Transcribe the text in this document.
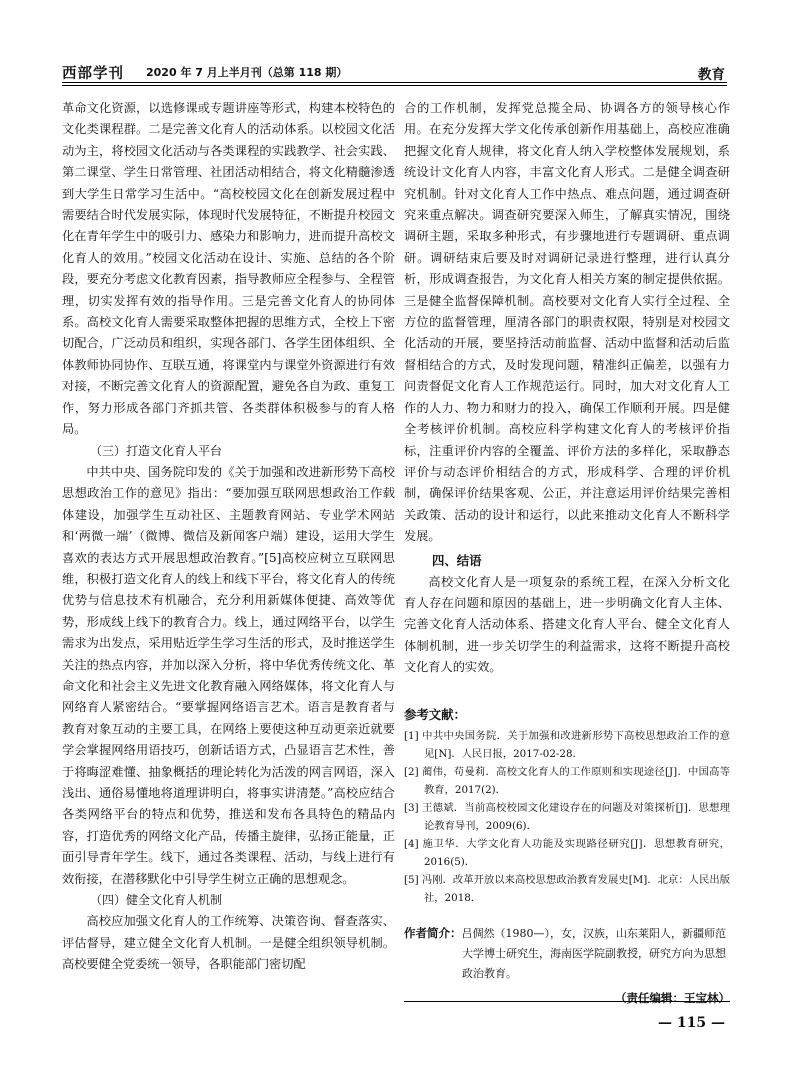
西部学刊 2020 年 7 月上半月刊（总第 118 期）	教育

革命文化资源，以选修课或专题讲座等形式，构建本校特色的文化类课程群。二是完善文化育人的活动体系。以校园文化活动为主，将校园文化活动与各类课程的实践教学、社会实践、第二课堂、学生日常管理、社团活动相结合，将文化精髓渗透到大学生日常学习生活中。“高校校园文化在创新发展过程中需要结合时代发展实际，体现时代发展特征，不断提升校园文化在青年学生中的吸引力、感染力和影响力，进而提升高校文化育人的效用。”校园文化活动在设计、实施、总结的各个阶段，要充分考虑文化教育因素，指导教师应全程参与、全程管理，切实发挥有效的指导作用。三是完善文化育人的协同体系。高校文化育人需要采取整体把握的思维方式，全校上下密切配合，广泛动员和组织，实现各部门、各学生团体组织、全体教师协同协作、互联互通，将课堂内与课堂外资源进行有效对接，不断完善文化育人的资源配置，避免各自为政、重复工作，努力形成各部门齐抓共管、各类群体积极参与的育人格局。

（三）打造文化育人平台

中共中央、国务院印发的《关于加强和改进新形势下高校思想政治工作的意见》指出：“要加强互联网思想政治工作载体建设，加强学生互动社区、主题教育网站、专业学术网站和‘两微一端’（微博、微信及新闻客户端）建设，运用大学生喜欢的表达方式开展思想政治教育。”[5]高校应树立互联网思维，积极打造文化育人的线上和线下平台，将文化育人的传统优势与信息技术有机融合，充分利用新媒体便捷、高效等优势，形成线上线下的教育合力。线上，通过网络平台，以学生需求为出发点，采用贴近学生学习生活的形式，及时推送学生关注的热点内容，并加以深入分析，将中华优秀传统文化、革命文化和社会主义先进文化教育融入网络媒体，将文化育人与网络育人紧密结合。“要掌握网络语言艺术。语言是教育者与教育对象互动的主要工具，在网络上要使这种互动更亲近就要学会掌握网络用语技巧，创新话语方式，凸显语言艺术性，善于将晦涩难懂、抽象概括的理论转化为活泼的网言网语，深入浅出、通俗易懂地将道理讲明白，将事实讲清楚。”高校应结合各类网络平台的特点和优势，推送和发布各具特色的精品内容，打造优秀的网络文化产品，传播主旋律，弘扬正能量，正面引导青年学生。线下，通过各类课程、活动，与线上进行有效衔接，在潜移默化中引导学生树立正确的思想观念。

（四）健全文化育人机制

高校应加强文化育人的工作统筹、决策咨询、督查落实、评估督导，建立健全文化育人机制。一是健全组织领导机制。高校要健全党委统一领导，各职能部门密切配

合的工作机制，发挥党总揽全局、协调各方的领导核心作用。在充分发挥大学文化传承创新作用基础上，高校应准确把握文化育人规律，将文化育人纳入学校整体发展规划，系统设计文化育人内容，丰富文化育人形式。二是健全调查研究机制。针对文化育人工作中热点、难点问题，通过调查研究来重点解决。调查研究要深入师生，了解真实情况，围绕调研主题，采取多种形式，有步骤地进行专题调研、重点调研。调研结束后要及时对调研记录进行整理，进行认真分析，形成调查报告，为文化育人相关方案的制定提供依据。三是健全监督保障机制。高校要对文化育人实行全过程、全方位的监督管理，厘清各部门的职责权限，特别是对校园文化活动的开展，要坚持活动前监督、活动中监督和活动后监督相结合的方式，及时发现问题，精准纠正偏差，以强有力问责督促文化育人工作规范运行。同时，加大对文化育人工作的人力、物力和财力的投入，确保工作顺利开展。四是健全考核评价机制。高校应科学构建文化育人的考核评价指标，注重评价内容的全覆盖、评价方法的多样化，采取静态评价与动态评价相结合的方式，形成科学、合理的评价机制，确保评价结果客观、公正，并注意运用评价结果完善相关政策、活动的设计和运行，以此来推动文化育人不断科学发展。

四、结语

高校文化育人是一项复杂的系统工程，在深入分析文化育人存在问题和原因的基础上，进一步明确文化育人主体、完善文化育人活动体系、搭建文化育人平台、健全文化育人体制机制，进一步关切学生的利益需求，这将不断提升高校文化育人的实效。

参考文献：

[1] 中共中央国务院．关于加强和改进新形势下高校思想政治工作的意见[N]．人民日报，2017-02-28．

[2] 蔺伟，苟曼莉．高校文化育人的工作原则和实现途径[J]．中国高等教育，2017(2)．

[3] 王德斌．当前高校校园文化建设存在的问题及对策探析[J]．思想理论教育导刊，2009(6)．

[4] 施卫华．大学文化育人功能及实现路径研究[J]．思想教育研究，2016(5)．

[5] 冯刚．改革开放以来高校思想政治教育发展史[M]．北京：人民出版社，2018．

作者简介：吕倜然（1980—），女，汉族，山东莱阳人，新疆师范大学博士研究生，海南医学院副教授，研究方向为思想政治教育。
（责任编辑：王宝林）
— 115 —
